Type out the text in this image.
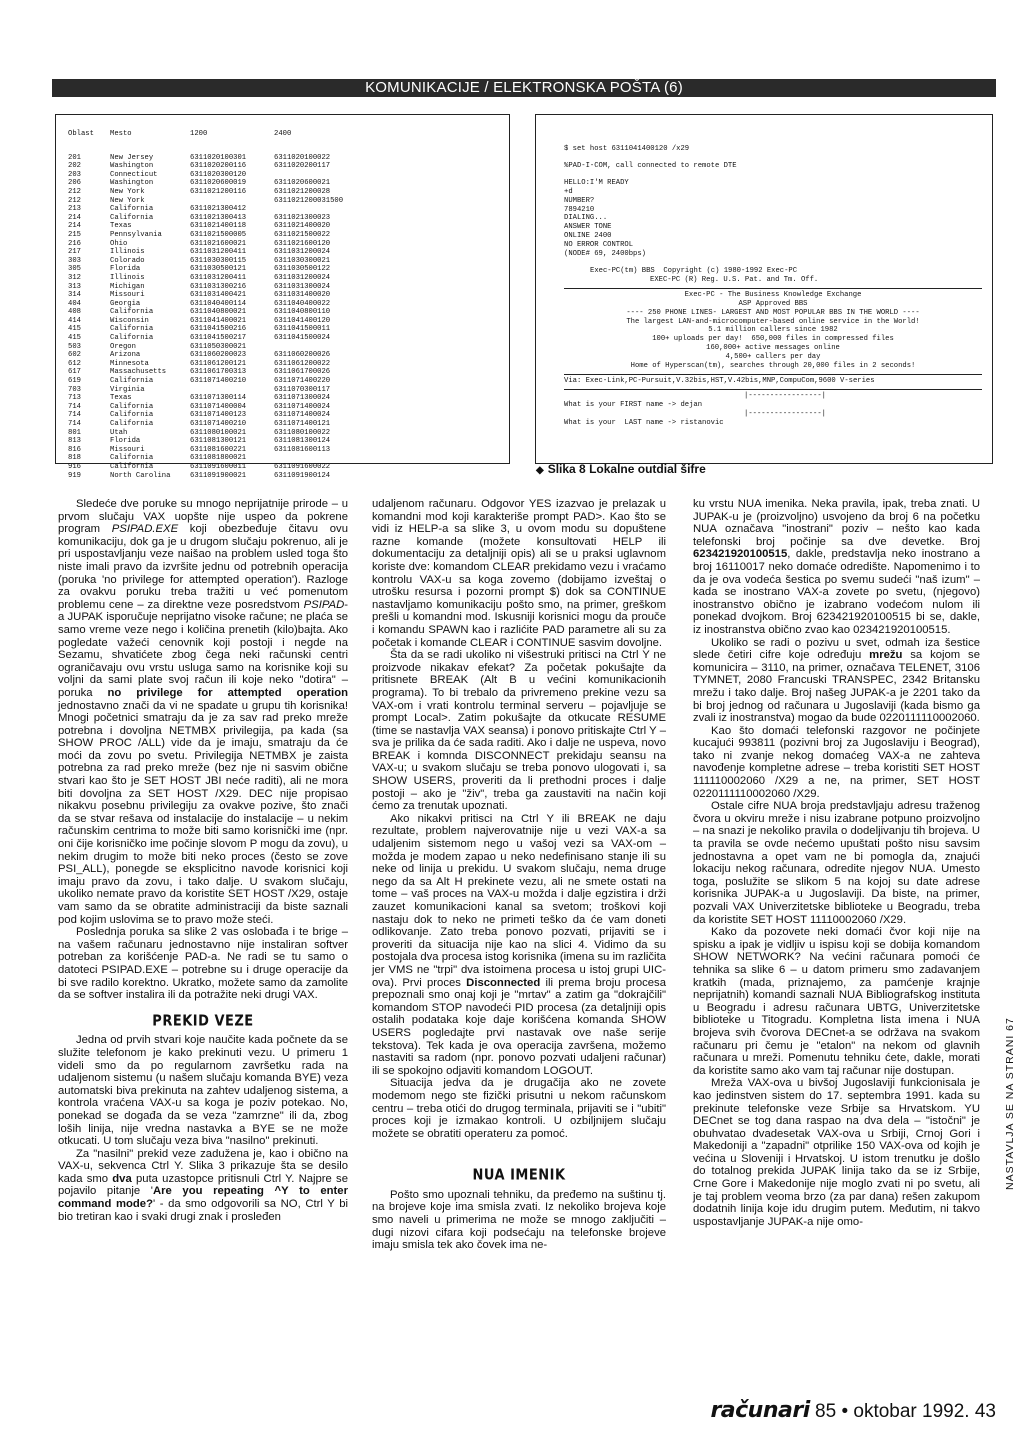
KOMUNIKACIJE / ELEKTRONSKA POŠTA (6)
Oblast	Mesto	1200	2400
201	New Jersey	6311020100301	6311020100022
202	Washington	6311020200116	6311020200117
203	Connecticut	6311020300120	
206	Washington	6311020600019	6311020600021
212	New York	6311021200116	6311021200028
212	New York		6311021200031500
213	California	6311021300412	
214	California	6311021300413	6311021300023
214	Texas	6311021400118	6311021400020
215	Pennsylvania	6311021500005	6311021500022
216	Ohio	6311021600021	6311021600120
217	Illinois	6311031200411	6311031200024
303	Colorado	6311030300115	6311030300021
305	Florida	6311030500121	6311030500122
312	Illinois	6311031200411	6311031200024
313	Michigan	6311031300216	6311031300024
314	Missouri	6311031400421	6311031400020
404	Georgia	6311040400114	6311040400022
408	California	6311040800021	6311040800110
414	Wisconsin	6311041400021	6311041400120
415	California	6311041500216	6311041500011
415	California	6311041500217	6311041500024
503	Oregon	6311050300021	
602	Arizona	6311060200023	6311060200026
612	Minnesota	6311061200121	6311061200022
617	Massachusetts	6311061700313	6311061700026
619	California	6311071400210	6311071400220
703	Virginia		6311070300117
713	Texas	6311071300114	6311071300024
714	California	6311071400004	6311071400024
714	California	6311071400123	6311071400024
714	California	6311071400210	6311071400121
801	Utah	6311080100021	6311080100022
813	Florida	6311081300121	6311081300124
816	Missouri	6311081600221	6311081600113
818	California	6311081800021	
916	California	6311091600011	6311091600022
919	North Carolina	6311091900021	6311091900124
$ set host 6311041400120 /x29
%PAD-I-COM, call connected to remote DTE
HELLO:I'M READY
+d
NUMBER?
7894210
DIALING...
ANSWER TONE
ONLINE 2400
NO ERROR CONTROL
(NODE# 69, 2400bps)
Exec-PC(tm) BBS  Copyright (c) 1980-1992 Exec-PC
EXEC-PC (R) Reg. U.S. Pat. and Tm. Off.
Exec-PC - The Business Knowledge Exchange
ASP Approved BBS
---- 250 PHONE LINES- LARGEST AND MOST POPULAR BBS IN THE WORLD ----
The largest LAN-and-microcomputer-based online service in the World!
5.1 million callers since 1982
100+ uploads per day!  650,000 files in compressed files
160,000+ active messages online
4,500+ callers per day
Home of Hyperscan(tm), searches through 20,000 files in 2 seconds!
Via: Exec-Link,PC-Pursuit,V.32bis,HST,V.42bis,MNP,CompuCom,9600 V-series
|-----------------|
What is your FIRST name -> dejan
|-----------------|
What is your  LAST name -> ristanovic
◆ Slika 8 Lokalne outdial šifre

Sledeće dve poruke su mnogo neprijatnije prirode – u prvom slučaju VAX uopšte nije uspeo da pokrene program PSIPAD.EXE koji obezbeđuje čitavu ovu komunikaciju, dok ga je u drugom slučaju pokrenuo, ali je pri uspostavljanju veze naišao na problem usled toga što niste imali pravo da izvršite jednu od potrebnih operacija (poruka 'no privilege for attempted operation'). Razloge za ovakvu poruku treba tražiti u već pomenutom problemu cene – za direktne veze posredstvom PSIPAD-a JUPAK isporučuje neprijatno visoke račune; ne plaća se samo vreme veze nego i količina prenetih (kilo)bajta. Ako pogledate važeći cenovnik koji postoji i negde na Sezamu, shvatićete zbog čega neki računski centri ograničavaju ovu vrstu usluga samo na korisnike koji su voljni da sami plate svoj račun ili koje neko "dotira" – poruka no privilege for attempted operation jednostavno znači da vi ne spadate u grupu tih korisnika! Mnogi početnici smatraju da je za sav rad preko mreže potrebna i dovoljna NETMBX privilegija, pa kada (sa SHOW PROC /ALL) vide da je imaju, smatraju da će moći da zovu po svetu. Privilegija NETMBX je zaista potrebna za rad preko mreže (bez nje ni sasvim obične stvari kao što je SET HOST JBI neće raditi), ali ne mora biti dovoljna za SET HOST /X29. DEC nije propisao nikakvu posebnu privilegiju za ovakve pozive, što znači da se stvar rešava od instalacije do instalacije – u nekim računskim centrima to može biti samo korisnički ime (npr. oni čije korisničko ime počinje slovom P mogu da zovu), u nekim drugim to može biti neko proces (često se zove PSI_ALL), ponegde se eksplicitno navode korisnici koji imaju pravo da zovu, i tako dalje. U svakom slučaju, ukoliko nemate pravo da koristite SET HOST /X29, ostaje vam samo da se obratite administraciji da biste saznali pod kojim uslovima se to pravo može steći.

Poslednja poruka sa slike 2 vas oslobađa i te brige – na vašem računaru jednostavno nije instaliran softver potreban za korišćenje PAD-a. Ne radi se tu samo o datoteci PSIPAD.EXE – potrebne su i druge operacije da bi sve radilo korektno. Ukratko, možete samo da zamolite da se softver instalira ili da potražite neki drugi VAX.

PREKID VEZE

Jedna od prvih stvari koje naučite kada počnete da se služite telefonom je kako prekinuti vezu. U primeru 1 videli smo da po regularnom završetku rada na udaljenom sistemu (u našem slučaju komanda BYE) veza automatski biva prekinuta na zahtev udaljenog sistema, a kontrola vraćena VAX-u sa koga je poziv potekao. No, ponekad se događa da se veza "zamrzne" ili da, zbog loših linija, nije vredna nastavka a BYE se ne može otkucati. U tom slučaju veza biva "nasilno" prekinuti.

Za "nasilni" prekid veze zadužena je, kao i obično na VAX-u, sekvenca Ctrl Y. Slika 3 prikazuje šta se desilo kada smo dva puta uzastopce pritisnuli Ctrl Y. Najpre se pojavilo pitanje 'Are you repeating ^Y to enter command mode?' - da smo odgovorili sa NO, Ctrl Y bi bio tretiran kao i svaki drugi znak i prosleđen

udaljenom računaru. Odgovor YES izazvao je prelazak u komandni mod koji karakteriše prompt PAD>. Kao što se vidi iz HELP-a sa slike 3, u ovom modu su dopuštene razne komande (možete konsultovati HELP ili dokumentaciju za detaljniji opis) ali se u praksi uglavnom koriste dve: komandom CLEAR prekidamo vezu i vraćamo kontrolu VAX-u sa koga zovemo (dobijamo izveštaj o utrošku resursa i pozorni prompt $) dok sa CONTINUE nastavljamo komunikaciju pošto smo, na primer, greškom prešli u komandni mod. Iskusniji korisnici mogu da prouče i komandu SPAWN kao i razlićite PAD parametre ali su za početak i komande CLEAR i CONTINUE sasvim dovoljne.

Šta da se radi ukoliko ni višestruki pritisci na Ctrl Y ne proizvode nikakav efekat? Za početak pokušajte da pritisnete BREAK (Alt B u većini komunikacionih programa). To bi trebalo da privremeno prekine vezu sa VAX-om i vrati kontrolu terminal serveru – pojavljuje se prompt Local>. Zatim pokušajte da otkucate RESUME (time se nastavlja VAX seansa) i ponovo pritiskajte Ctrl Y – sva je prilika da će sada raditi. Ako i dalje ne uspeva, novo BREAK i komnda DISCONNECT prekidaju seansu na VAX-u; u svakom slučaju se treba ponovo ulogovati i, sa SHOW USERS, proveriti da li prethodni proces i dalje postoji – ako je "živ", treba ga zaustaviti na način koji ćemo za trenutak upoznati.

Ako nikakvi pritisci na Ctrl Y ili BREAK ne daju rezultate, problem najverovatnije nije u vezi VAX-a sa udaljenim sistemom nego u vašoj vezi sa VAX-om – možda je modem zapao u neko nedefinisano stanje ili su neke od linija u prekidu. U svakom slučaju, nema druge nego da sa Alt H prekinete vezu, ali ne smete ostati na tome – vaš proces na VAX-u možda i dalje egzistira i drži zauzet komunikacioni kanal sa svetom; troškovi koji nastaju dok to neko ne primeti teško da će vam doneti odlikovanje. Zato treba ponovo pozvati, prijaviti se i proveriti da situacija nije kao na slici 4. Vidimo da su postojala dva procesa istog korisnika (imena su im različita jer VMS ne "trpi" dva istoimena procesa u istoj grupi UIC-ova). Prvi proces Disconnected ili prema broju procesa prepoznali smo onaj koji je "mrtav" a zatim ga "dokrajčili" komandom STOP navodeći PID procesa (za detaljniji opis ostalih podataka koje daje korišćena komanda SHOW USERS pogledajte prvi nastavak ove naše serije tekstova). Tek kada je ova operacija završena, možemo nastaviti sa radom (npr. ponovo pozvati udaljeni računar) ili se spokojno odjaviti komandom LOGOUT.

Situacija jedva da je drugačija ako ne zovete modemom nego ste fizički prisutni u nekom računskom centru – treba otići do drugog terminala, prijaviti se i "ubiti" proces koji je izmakao kontroli. U ozbiljnijem slučaju možete se obratiti operateru za pomoć.

NUA IMENIK

Pošto smo upoznali tehniku, da pređemo na suštinu tj. na brojeve koje ima smisla zvati. Iz nekoliko brojeva koje smo naveli u primerima ne može se mnogo zaključiti – dugi nizovi cifara koji podsećaju na telefonske brojeve imaju smisla tek ako čovek ima ne-

ku vrstu NUA imenika. Neka pravila, ipak, treba znati. U JUPAK-u je (proizvoljno) usvojeno da broj 6 na početku NUA označava "inostrani" poziv – nešto kao kada telefonski broj počinje sa dve devetke. Broj 623421920100515, dakle, predstavlja neko inostrano a broj 16110017 neko domaće odredište. Napomenimo i to da je ova vodeća šestica po svemu sudeći "naš izum" – kada se inostrano VAX-a zovete po svetu, (njegovo) inostranstvo obično je izabrano vodećom nulom ili ponekad dvojkom. Broj 623421920100515 bi se, dakle, iz inostranstva obično zvao kao 023421920100515.

Ukoliko se radi o pozivu u svet, odmah iza šestice slede četiri cifre koje određuju mrežu sa kojom se komunicira – 3110, na primer, označava TELENET, 3106 TYMNET, 2080 Francuski TRANSPEC, 2342 Britansku mrežu i tako dalje. Broj našeg JUPAK-a je 2201 tako da bi broj jednog od računara u Jugoslaviji (kada bismo ga zvali iz inostranstva) mogao da bude 0220111110002060.

Kao što domaći telefonski razgovor ne počinjete kucajući 993811 (pozivni broj za Jugoslaviju i Beograd), tako ni zvanje nekog domaćeg VAX-a ne zahteva navođenje kompletne adrese – treba koristiti SET HOST 111110002060 /X29 a ne, na primer, SET HOST 0220111110002060 /X29.

Ostale cifre NUA broja predstavljaju adresu traženog čvora u okviru mreže i nisu izabrane potpuno proizvoljno – na snazi je nekoliko pravila o dodeljivanju tih brojeva. U ta pravila se ovde nećemo upuštati pošto nisu savsim jednostavna a opet vam ne bi pomogla da, znajući lokaciju nekog računara, odredite njegov NUA. Umesto toga, poslužite se slikom 5 na kojoj su date adrese korisnika JUPAK-a u Jugoslaviji. Da biste, na primer, pozvali VAX Univerzitetske biblioteke u Beogradu, treba da koristite SET HOST 11110002060 /X29.

Kako da pozovete neki domaći čvor koji nije na spisku a ipak je vidljiv u ispisu koji se dobija komandom SHOW NETWORK? Na većini računara pomoći će tehnika sa slike 6 – u datom primeru smo zadavanjem kratkih (mada, priznajemo, za pamćenje krajnje neprijatnih) komandi saznali NUA Bibliografskog instituta u Beogradu i adresu računara UBTG, Univerzitetske biblioteke u Titogradu. Kompletna lista imena i NUA brojeva svih čvorova DECnet-a se održava na svakom računaru pri čemu je "etalon" na nekom od glavnih računara u mreži. Pomenutu tehniku ćete, dakle, morati da koristite samo ako vam taj računar nije dostupan.

Mreža VAX-ova u bivšoj Jugoslaviji funkcionisala je kao jedinstven sistem do 17. septembra 1991. kada su prekinute telefonske veze Srbije sa Hrvatskom. YU DECnet se tog dana raspao na dva dela – "istočni" je obuhvatao dvadesetak VAX-ova u Srbiji, Crnoj Gori i Makedoniji a "zapadni" otprilike 150 VAX-ova od kojih je većina u Sloveniji i Hrvatskoj. U istom trenutku je došlo do totalnog prekida JUPAK linija tako da se iz Srbije, Crne Gore i Makedonije nije moglo zvati ni po svetu, ali je taj problem veoma brzo (za par dana) rešen zakupom dodatnih linija koje idu drugim putem. Međutim, ni takvo uspostavljanje JUPAK-a nije omo-

NASTAVLJA SE NA STRANI 67
računari 85 • oktobar 1992. 43
